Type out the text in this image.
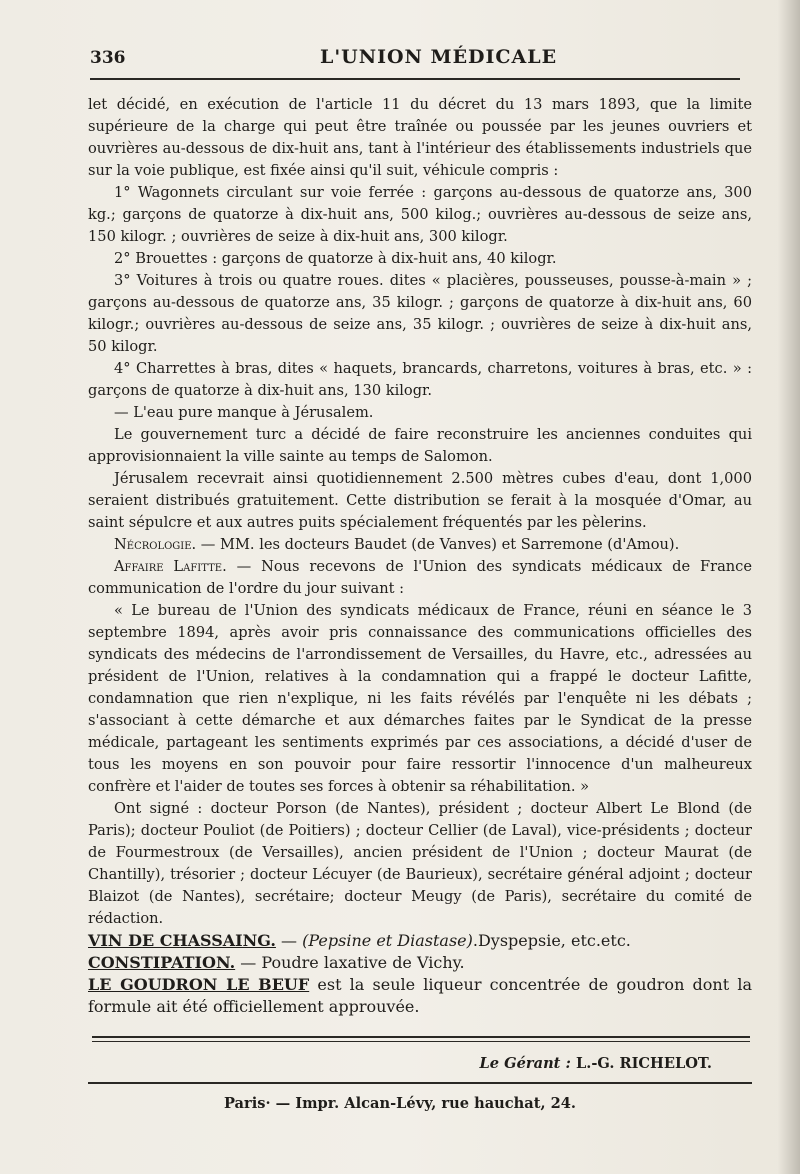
336	L'UNION MÉDICALE

let décidé, en exécution de l'article 11 du décret du 13 mars 1893, que la limite supérieure de la charge qui peut être traînée ou poussée par les jeunes ouvriers et ouvrières au-dessous de dix-huit ans, tant à l'intérieur des établissements industriels que sur la voie publique, est fixée ainsi qu'il suit, véhicule compris :

1° Wagonnets circulant sur voie ferrée : garçons au-dessous de quatorze ans, 300 kg.; garçons de quatorze à dix-huit ans, 500 kilog.; ouvrières au-dessous de seize ans, 150 kilogr. ; ouvrières de seize à dix-huit ans, 300 kilogr.

2° Brouettes : garçons de quatorze à dix-huit ans, 40 kilogr.

3° Voitures à trois ou quatre roues. dites « placières, pousseuses, pousse-à-main » ; garçons au-dessous de quatorze ans, 35 kilogr. ; garçons de quatorze à dix-huit ans, 60 kilogr.; ouvrières au-dessous de seize ans, 35 kilogr. ; ouvrières de seize à dix-huit ans, 50 kilogr.

4° Charrettes à bras, dites « haquets, brancards, charretons, voitures à bras, etc. » : garçons de quatorze à dix-huit ans, 130 kilogr.

— L'eau pure manque à Jérusalem.

Le gouvernement turc a décidé de faire reconstruire les anciennes conduites qui approvisionnaient la ville sainte au temps de Salomon.

Jérusalem recevrait ainsi quotidiennement 2.500 mètres cubes d'eau, dont 1,000 seraient distribués gratuitement. Cette distribution se ferait à la mosquée d'Omar, au saint sépulcre et aux autres puits spécialement fréquentés par les pèlerins.

Nécrologie. — MM. les docteurs Baudet (de Vanves) et Sarremone (d'Amou).

Affaire Lafitte. — Nous recevons de l'Union des syndicats médicaux de France communication de l'ordre du jour suivant :

« Le bureau de l'Union des syndicats médicaux de France, réuni en séance le 3 septembre 1894, après avoir pris connaissance des communications officielles des syndicats des médecins de l'arrondissement de Versailles, du Havre, etc., adressées au président de l'Union, relatives à la condamnation qui a frappé le docteur Lafitte, condamnation que rien n'explique, ni les faits révélés par l'enquête ni les débats ; s'associant à cette démarche et aux démarches faites par le Syndicat de la presse médicale, partageant les sentiments exprimés par ces associations, a décidé d'user de tous les moyens en son pouvoir pour faire ressortir l'innocence d'un malheureux confrère et l'aider de toutes ses forces à obtenir sa réhabilitation. »

Ont signé : docteur Porson (de Nantes), président ; docteur Albert Le Blond (de Paris); docteur Pouliot (de Poitiers) ; docteur Cellier (de Laval), vice-présidents ; docteur de Fourmestroux (de Versailles), ancien président de l'Union ; docteur Maurat (de Chantilly), trésorier ; docteur Lécuyer (de Baurieux), secrétaire général adjoint ; docteur Blaizot (de Nantes), secrétaire; docteur Meugy (de Paris), secrétaire du comité de rédaction.

VIN DE CHASSAING. — (Pepsine et Diastase).Dyspepsie, etc.etc.

CONSTIPATION. — Poudre laxative de Vichy.

LE GOUDRON LE BEUF est la seule liqueur concentrée de goudron dont la formule ait été officiellement approuvée.

Le Gérant : L.-G. RICHELOT.
Paris· — Impr. Alcan-Lévy, rue hauchat, 24.
